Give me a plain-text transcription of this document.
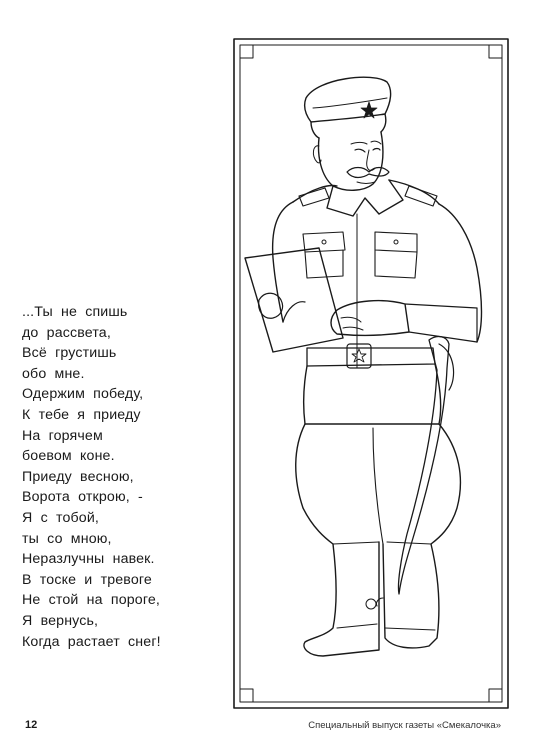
...Ты  не  спишь
до  рассвета,
Всё  грустишь
обо  мне.
Одержим  победу,
К  тебе  я  приеду
На  горячем
боевом  коне.
Приеду  весною,
Ворота  открою,  -
Я  с  тобой,
ты  со  мною,
Неразлучны  навек.
В  тоске  и  тревоге
Не  стой  на  пороге,
Я  вернусь,
Когда  растает  снег!
12	Специальный выпуск газеты «Смекалочка»
